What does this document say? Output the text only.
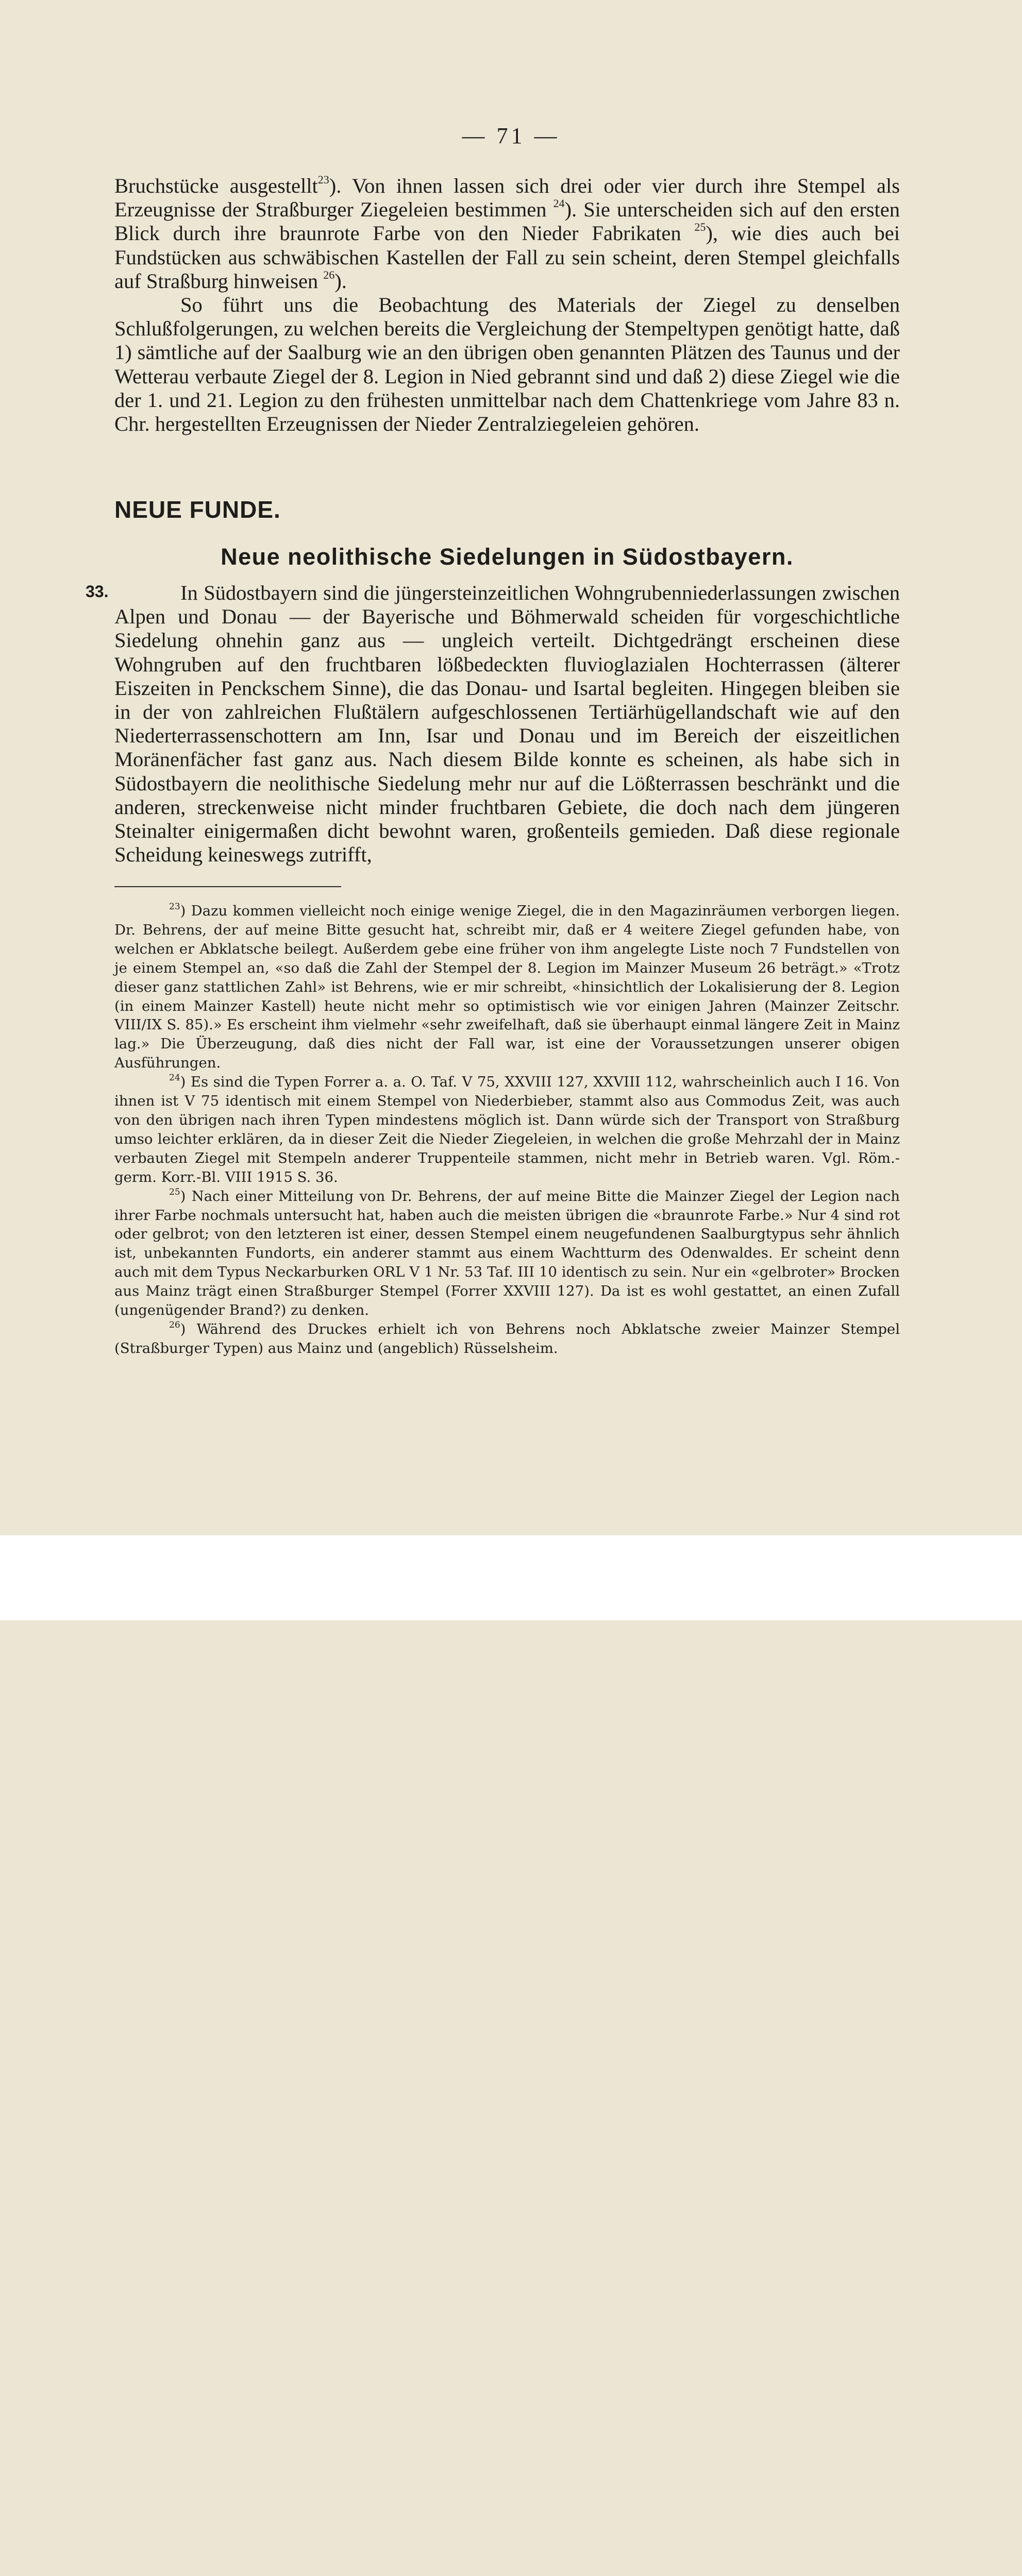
— 71 —

Bruchstücke ausgestellt$^{23}$). Von ihnen lassen sich drei oder vier durch ihre Stempel als Erzeugnisse der Straßburger Ziegeleien bestimmen $^{24}$). Sie unterscheiden sich auf den ersten Blick durch ihre braunrote Farbe von den Nieder Fabrikaten $^{25}$), wie dies auch bei Fundstücken aus schwäbischen Kastellen der Fall zu sein scheint, deren Stempel gleichfalls auf Straßburg hinweisen $^{26}$).

So führt uns die Beobachtung des Materials der Ziegel zu denselben Schlußfolgerungen, zu welchen bereits die Vergleichung der Stempeltypen genötigt hatte, daß 1) sämtliche auf der Saalburg wie an den übrigen oben genannten Plätzen des Taunus und der Wetterau verbaute Ziegel der 8. Legion in Nied gebrannt sind und daß 2) diese Ziegel wie die der 1. und 21. Legion zu den frühesten unmittelbar nach dem Chattenkriege vom Jahre 83 n. Chr. hergestellten Erzeugnissen der Nieder Zentralziegeleien gehören.

NEUE FUNDE.
Neue neolithische Siedelungen in Südostbayern.
33.	In Südostbayern sind die jüngersteinzeitlichen Wohngrubenniederlassungen zwischen Alpen und Donau — der Bayerische und Böhmerwald scheiden für vorgeschichtliche Siedelung ohnehin ganz aus — ungleich verteilt. Dichtgedrängt erscheinen diese Wohngruben auf den fruchtbaren lößbedeckten fluvioglazialen Hochterrassen (älterer Eiszeiten in Penckschem Sinne), die das Donau- und Isartal begleiten. Hingegen bleiben sie in der von zahlreichen Flußtälern aufgeschlossenen Tertiärhügellandschaft wie auf den Niederterrassenschottern am Inn, Isar und Donau und im Bereich der eiszeitlichen Moränenfächer fast ganz aus. Nach diesem Bilde konnte es scheinen, als habe sich in Südostbayern die neolithische Siedelung mehr nur auf die Lößterrassen beschränkt und die anderen, streckenweise nicht minder fruchtbaren Gebiete, die doch nach dem jüngeren Steinalter einigermaßen dicht bewohnt waren, großenteils gemieden. Daß diese regionale Scheidung keineswegs zutrifft,

$^{23}$) Dazu kommen vielleicht noch einige wenige Ziegel, die in den Magazinräumen verborgen liegen. Dr. Behrens, der auf meine Bitte gesucht hat, schreibt mir, daß er 4 weitere Ziegel gefunden habe, von welchen er Abklatsche beilegt. Außerdem gebe eine früher von ihm angelegte Liste noch 7 Fundstellen von je einem Stempel an, «so daß die Zahl der Stempel der 8. Legion im Mainzer Museum 26 beträgt.» «Trotz dieser ganz stattlichen Zahl» ist Behrens, wie er mir schreibt, «hinsichtlich der Lokalisierung der 8. Legion (in einem Mainzer Kastell) heute nicht mehr so optimistisch wie vor einigen Jahren (Mainzer Zeitschr. VIII/IX S. 85).» Es erscheint ihm vielmehr «sehr zweifelhaft, daß sie überhaupt einmal längere Zeit in Mainz lag.» Die Überzeugung, daß dies nicht der Fall war, ist eine der Voraussetzungen unserer obigen Ausführungen.

$^{24}$) Es sind die Typen Forrer a. a. O. Taf. V 75, XXVIII 127, XXVIII 112, wahrscheinlich auch I 16. Von ihnen ist V 75 identisch mit einem Stempel von Niederbieber, stammt also aus Commodus Zeit, was auch von den übrigen nach ihren Typen mindestens möglich ist. Dann würde sich der Transport von Straßburg umso leichter erklären, da in dieser Zeit die Nieder Ziegeleien, in welchen die große Mehrzahl der in Mainz verbauten Ziegel mit Stempeln anderer Truppenteile stammen, nicht mehr in Betrieb waren. Vgl. Röm.-germ. Korr.-Bl. VIII 1915 S. 36.

$^{25}$) Nach einer Mitteilung von Dr. Behrens, der auf meine Bitte die Mainzer Ziegel der Legion nach ihrer Farbe nochmals untersucht hat, haben auch die meisten übrigen die «braunrote Farbe.» Nur 4 sind rot oder gelbrot; von den letzteren ist einer, dessen Stempel einem neugefundenen Saalburgtypus sehr ähnlich ist, unbekannten Fundorts, ein anderer stammt aus einem Wachtturm des Odenwaldes. Er scheint denn auch mit dem Typus Neckarburken ORL V 1 Nr. 53 Taf. III 10 identisch zu sein. Nur ein «gelbroter» Brocken aus Mainz trägt einen Straßburger Stempel (Forrer XXVIII 127). Da ist es wohl gestattet, an einen Zufall (ungenügender Brand?) zu denken.

$^{26}$) Während des Druckes erhielt ich von Behrens noch Abklatsche zweier Mainzer Stempel (Straßburger Typen) aus Mainz und (angeblich) Rüsselsheim.
